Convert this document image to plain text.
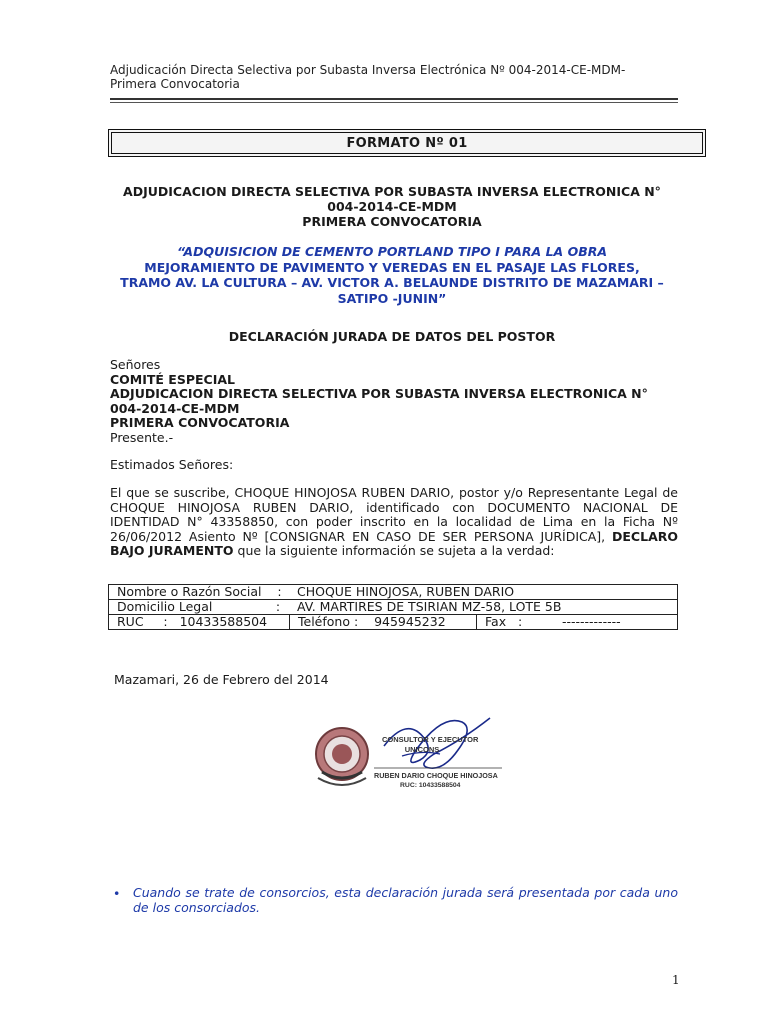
Adjudicación Directa Selectiva por Subasta Inversa Electrónica Nº 004-2014-CE-MDM- Primera Convocatoria
FORMATO Nº 01
ADJUDICACION DIRECTA SELECTIVA POR SUBASTA INVERSA ELECTRONICA N°
004-2014-CE-MDM
PRIMERA CONVOCATORIA
“ADQUISICION DE CEMENTO PORTLAND TIPO I PARA LA OBRA
MEJORAMIENTO DE PAVIMENTO Y VEREDAS EN EL PASAJE LAS FLORES,
TRAMO AV. LA CULTURA – AV. VICTOR A. BELAUNDE DISTRITO DE MAZAMARI –
SATIPO -JUNIN”
DECLARACIÓN JURADA DE DATOS DEL POSTOR
Señores
COMITÉ ESPECIAL
ADJUDICACION DIRECTA SELECTIVA POR SUBASTA INVERSA ELECTRONICA N°
004-2014-CE-MDM
PRIMERA CONVOCATORIA
Presente.-
Estimados Señores:
El que se suscribe, CHOQUE HINOJOSA RUBEN DARIO, postor y/o Representante Legal de CHOQUE HINOJOSA RUBEN DARIO, identificado con DOCUMENTO NACIONAL DE IDENTIDAD N° 43358850, con poder inscrito en la localidad de Lima en la Ficha Nº 26/06/2012 Asiento Nº [CONSIGNAR EN CASO DE SER PERSONA JURÍDICA], DECLARO BAJO JURAMENTO que la siguiente información se sujeta a la verdad:
Nombre o Razón Social    : CHOQUE HINOJOSA, RUBEN DARIO
Domicilio Legal                : AV. MARTIRES DE TSIRIAN MZ-58, LOTE 5B
RUC     : 10433588504	Teléfono : 945945232	Fax   :	-------------
Mazamari, 26 de Febrero del 2014
CONSULTOR Y EJECUTOR
UNICONS
RUBEN DARIO CHOQUE HINOJOSA
RUC: 10433588504
• Cuando se trate de consorcios, esta declaración jurada será presentada por cada uno de los consorciados.
1
